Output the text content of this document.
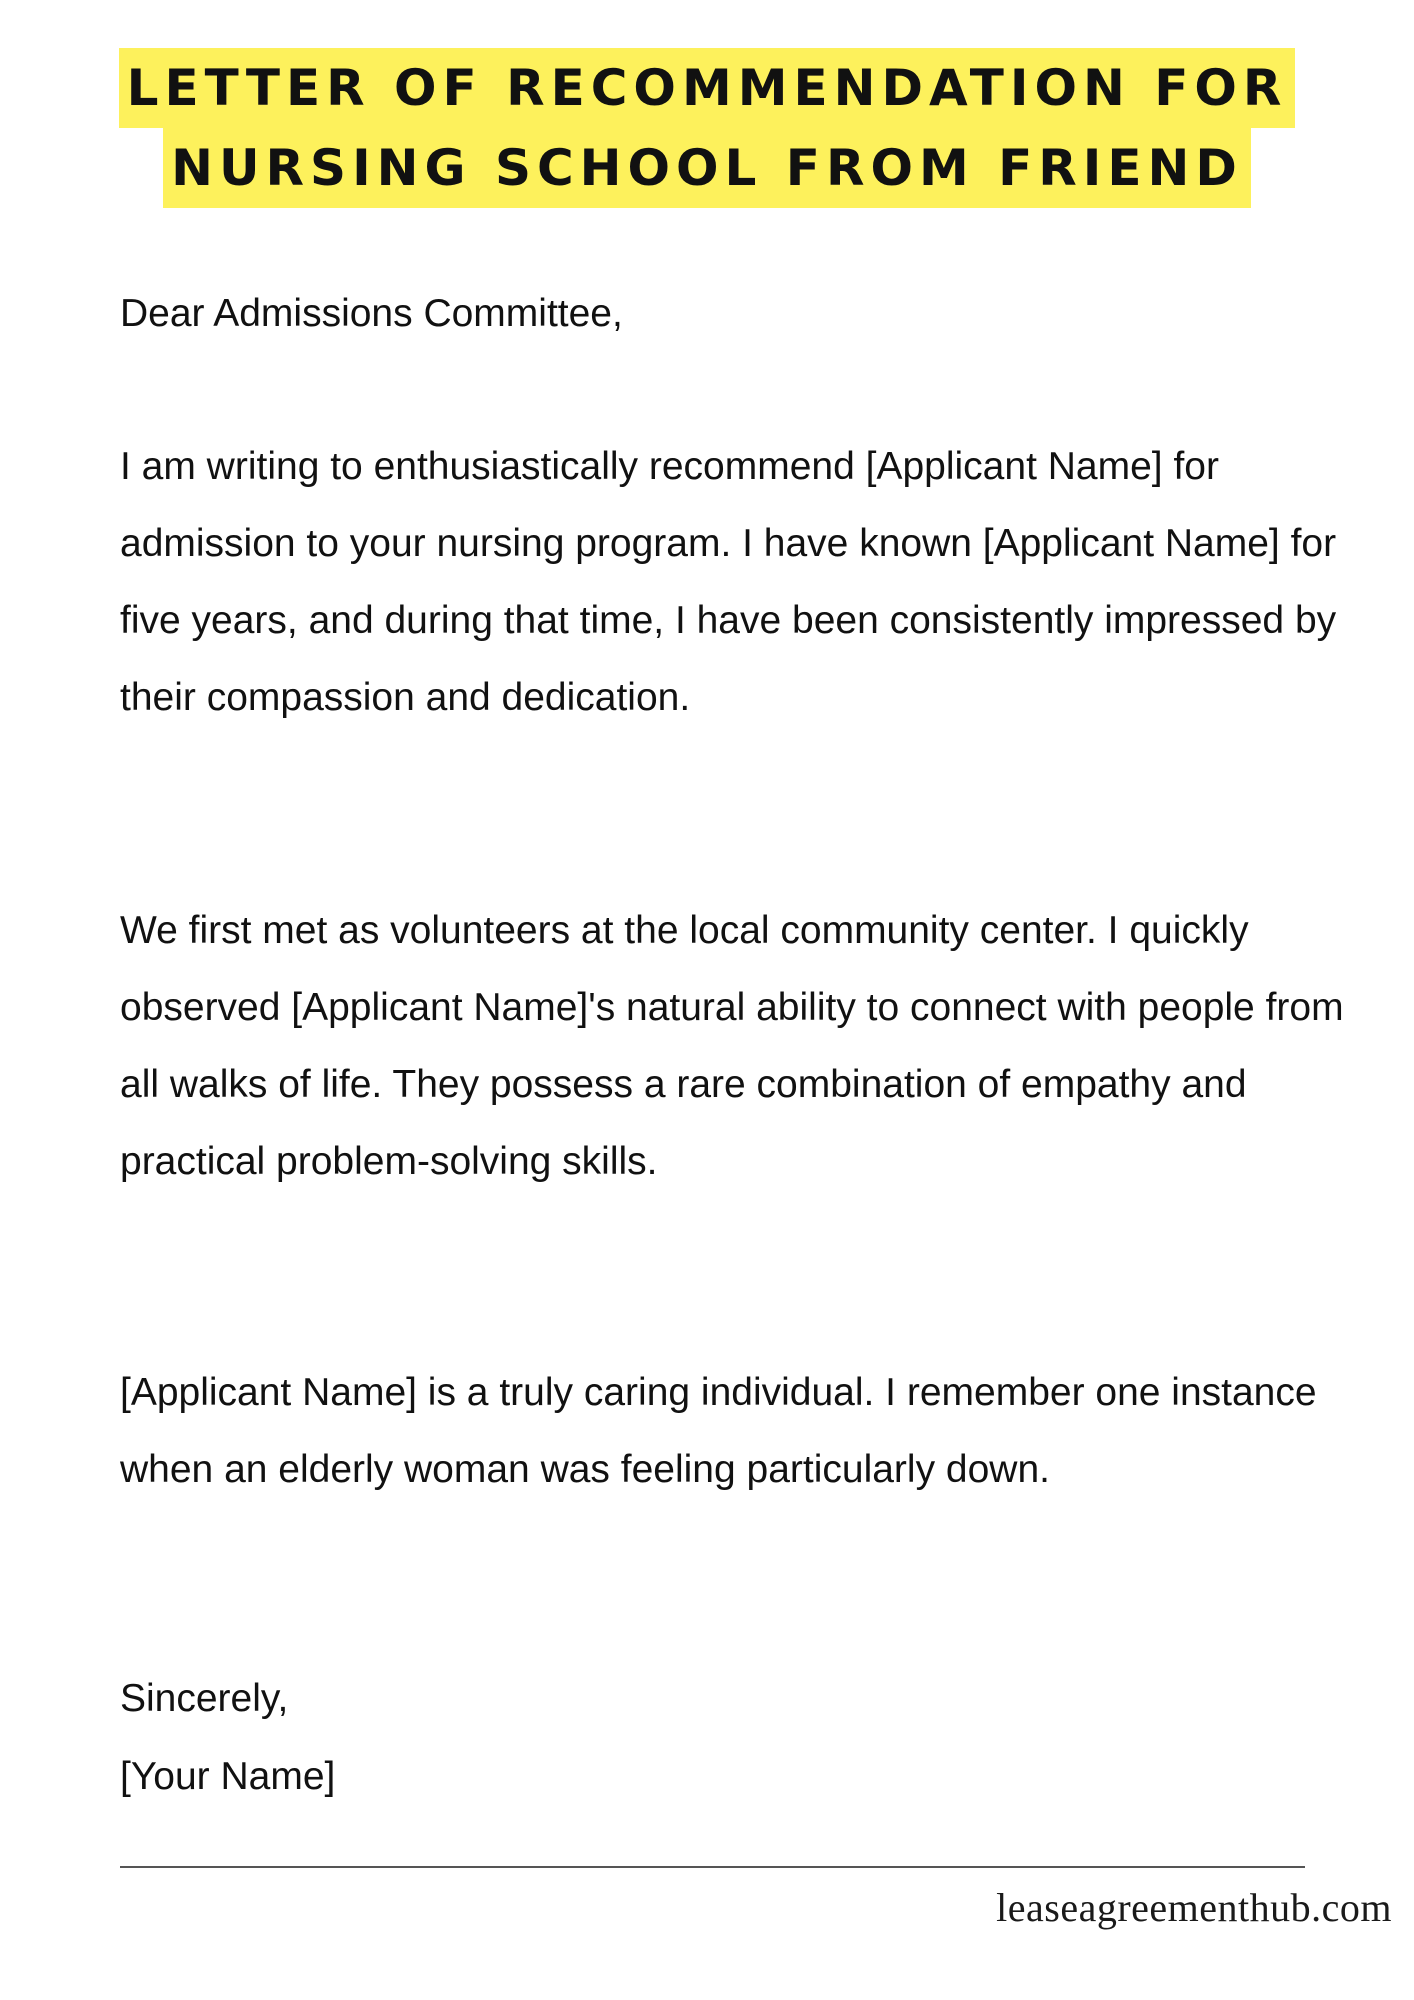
LETTER OF RECOMMENDATION FOR
NURSING SCHOOL FROM FRIEND

Dear Admissions Committee,

I am writing to enthusiastically recommend [Applicant Name] for admission to your nursing program. I have known [Applicant Name] for five years, and during that time, I have been consistently impressed by their compassion and dedication.

We first met as volunteers at the local community center. I quickly observed [Applicant Name]'s natural ability to connect with people from all walks of life. They possess a rare combination of empathy and practical problem-solving skills.

[Applicant Name] is a truly caring individual. I remember one instance when an elderly woman was feeling particularly down.

Sincerely,

[Your Name]

leaseagreementhub.com
